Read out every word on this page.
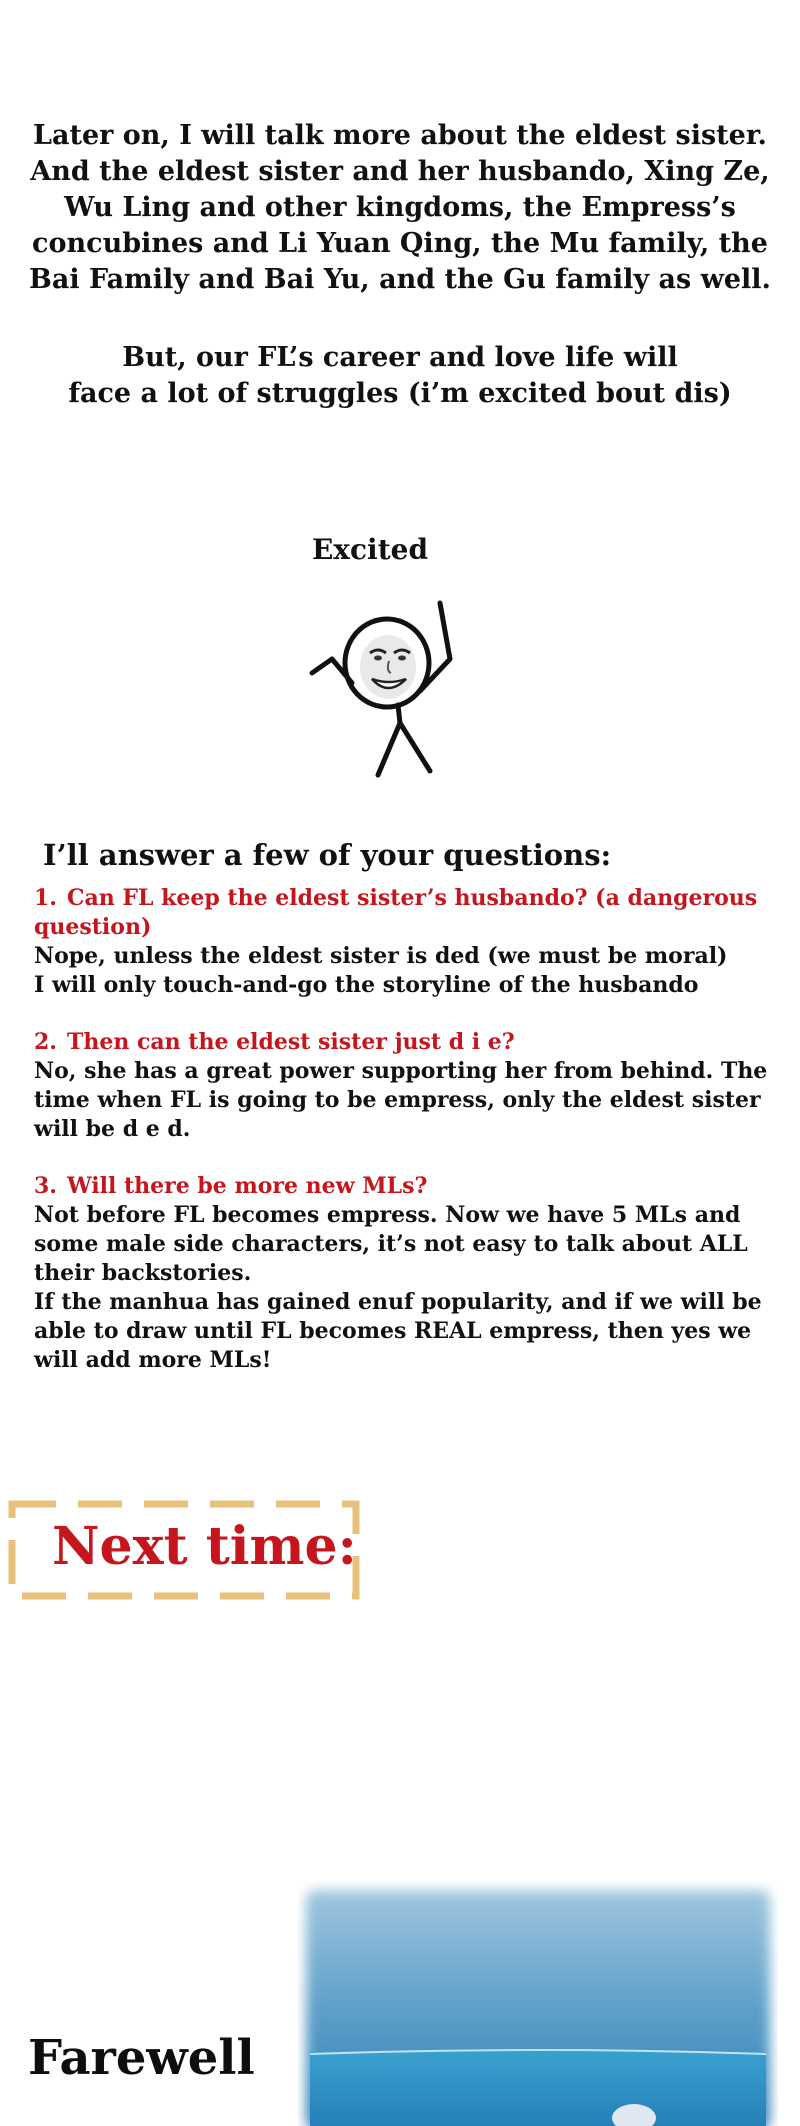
Later on, I will talk more about the eldest sister.

And the eldest sister and her husbando, Xing Ze,

Wu Ling and other kingdoms, the Empress’s

concubines and Li Yuan Qing, the Mu family, the

Bai Family and Bai Yu, and the Gu family as well.

But, our FL’s career and love life will

face a lot of struggles (i’m excited bout dis)

Excited
I’ll answer a few of your questions:

1. Can FL keep the eldest sister’s husbando? (a dangerous question)

Nope, unless the eldest sister is ded (we must be moral)

I will only touch-and-go the storyline of the husbando

2. Then can the eldest sister just d i e?

No, she has a great power supporting her from behind. The time when FL is going to be empress, only the eldest sister will be d e d.

3. Will there be more new MLs?

Not before FL becomes empress. Now we have 5 MLs and some male side characters, it’s not easy to talk about ALL their backstories.

If the manhua has gained enuf popularity, and if we will be able to draw until FL becomes REAL empress, then yes we will add more MLs!

Next time:
Farewell
